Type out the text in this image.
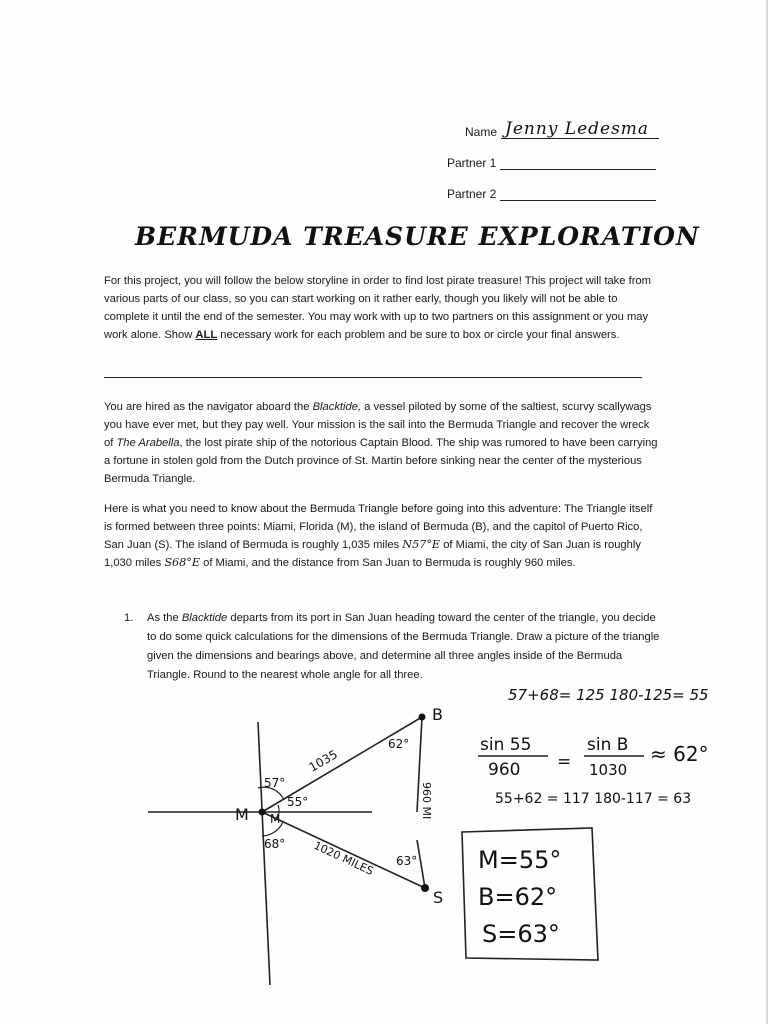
Name Jenny Ledesma
Partner 1
Partner 2
BERMUDA TREASURE EXPLORATION

For this project, you will follow the below storyline in order to find lost pirate treasure! This project will take from various parts of our class, so you can start working on it rather early, though you likely will not be able to complete it until the end of the semester. You may work with up to two partners on this assignment or you may work alone. Show ALL necessary work for each problem and be sure to box or circle your final answers.

You are hired as the navigator aboard the Blacktide, a vessel piloted by some of the saltiest, scurvy scallywags you have ever met, but they pay well. Your mission is the sail into the Bermuda Triangle and recover the wreck of The Arabella, the lost pirate ship of the notorious Captain Blood. The ship was rumored to have been carrying a fortune in stolen gold from the Dutch province of St. Martin before sinking near the center of the mysterious Bermuda Triangle.

Here is what you need to know about the Bermuda Triangle before going into this adventure: The Triangle itself is formed between three points: Miami, Florida (M), the island of Bermuda (B), and the capitol of Puerto Rico, San Juan (S). The island of Bermuda is roughly 1,035 miles N57°E of Miami, the city of San Juan is roughly 1,030 miles S68°E of Miami, and the distance from San Juan to Bermuda is roughly 960 miles.

1. As the Blacktide departs from its port in San Juan heading toward the center of the triangle, you decide to do some quick calculations for the dimensions of the Bermuda Triangle. Draw a picture of the triangle given the dimensions and bearings above, and determine all three angles inside of the Bermuda Triangle. Round to the nearest whole angle for all three.

57+68= 125 180-125= 55
B
M
S
M
1035
1020 MILES
960 MI
57°
55°
62°
63°
68°
sin 55
960 =
sin B
1030
≈ 62°
55+62 = 117 180-117 = 63
M=55°
B=62°
S=63°
